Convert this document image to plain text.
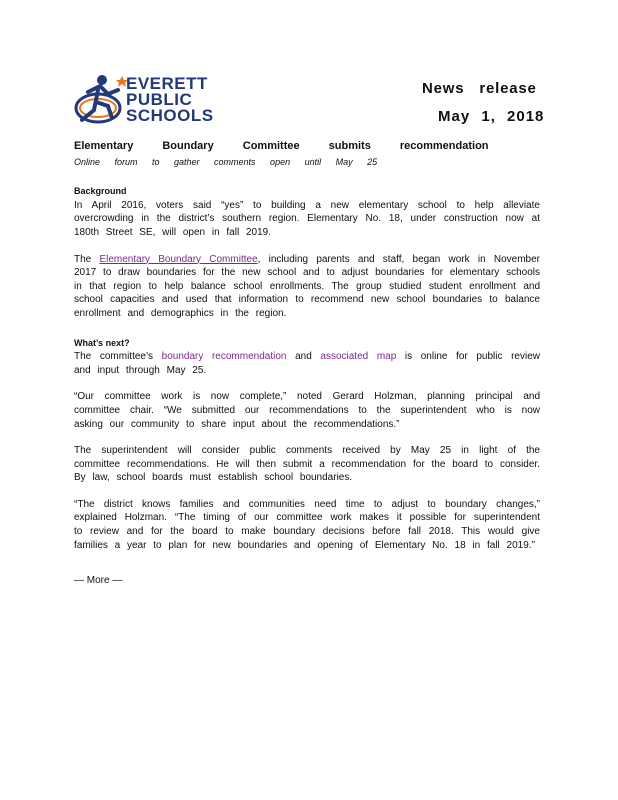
EVERETT
PUBLIC
SCHOOLS
News release
May 1, 2018

Elementary Boundary Committee submits recommendation

Online forum to gather comments open until May 25

Background

In April 2016, voters said “yes” to building a new elementary school to help alleviate overcrowding in the district’s southern region. Elementary No. 18, under construction now at 180th Street SE, will open in fall 2019.

The Elementary Boundary Committee, including parents and staff, began work in November 2017 to draw boundaries for the new school and to adjust boundaries for elementary schools in that region to help balance school enrollments. The group studied student enrollment and school capacities and used that information to recommend new school boundaries to balance enrollment and demographics in the region.

What’s next?

The committee’s boundary recommendation and associated map is online for public review and input through May 25.

“Our committee work is now complete,” noted Gerard Holzman, planning principal and committee chair. “We submitted our recommendations to the superintendent who is now asking our community to share input about the recommendations.”

The superintendent will consider public comments received by May 25 in light of the committee recommendations. He will then submit a recommendation for the board to consider. By law, school boards must establish school boundaries.

“The district knows families and communities need time to adjust to boundary changes,” explained Holzman. “The timing of our committee work makes it possible for superintendent to review and for the board to make boundary decisions before fall 2018. This would give families a year to plan for new boundaries and opening of Elementary No. 18 in fall 2019.”

— More —
